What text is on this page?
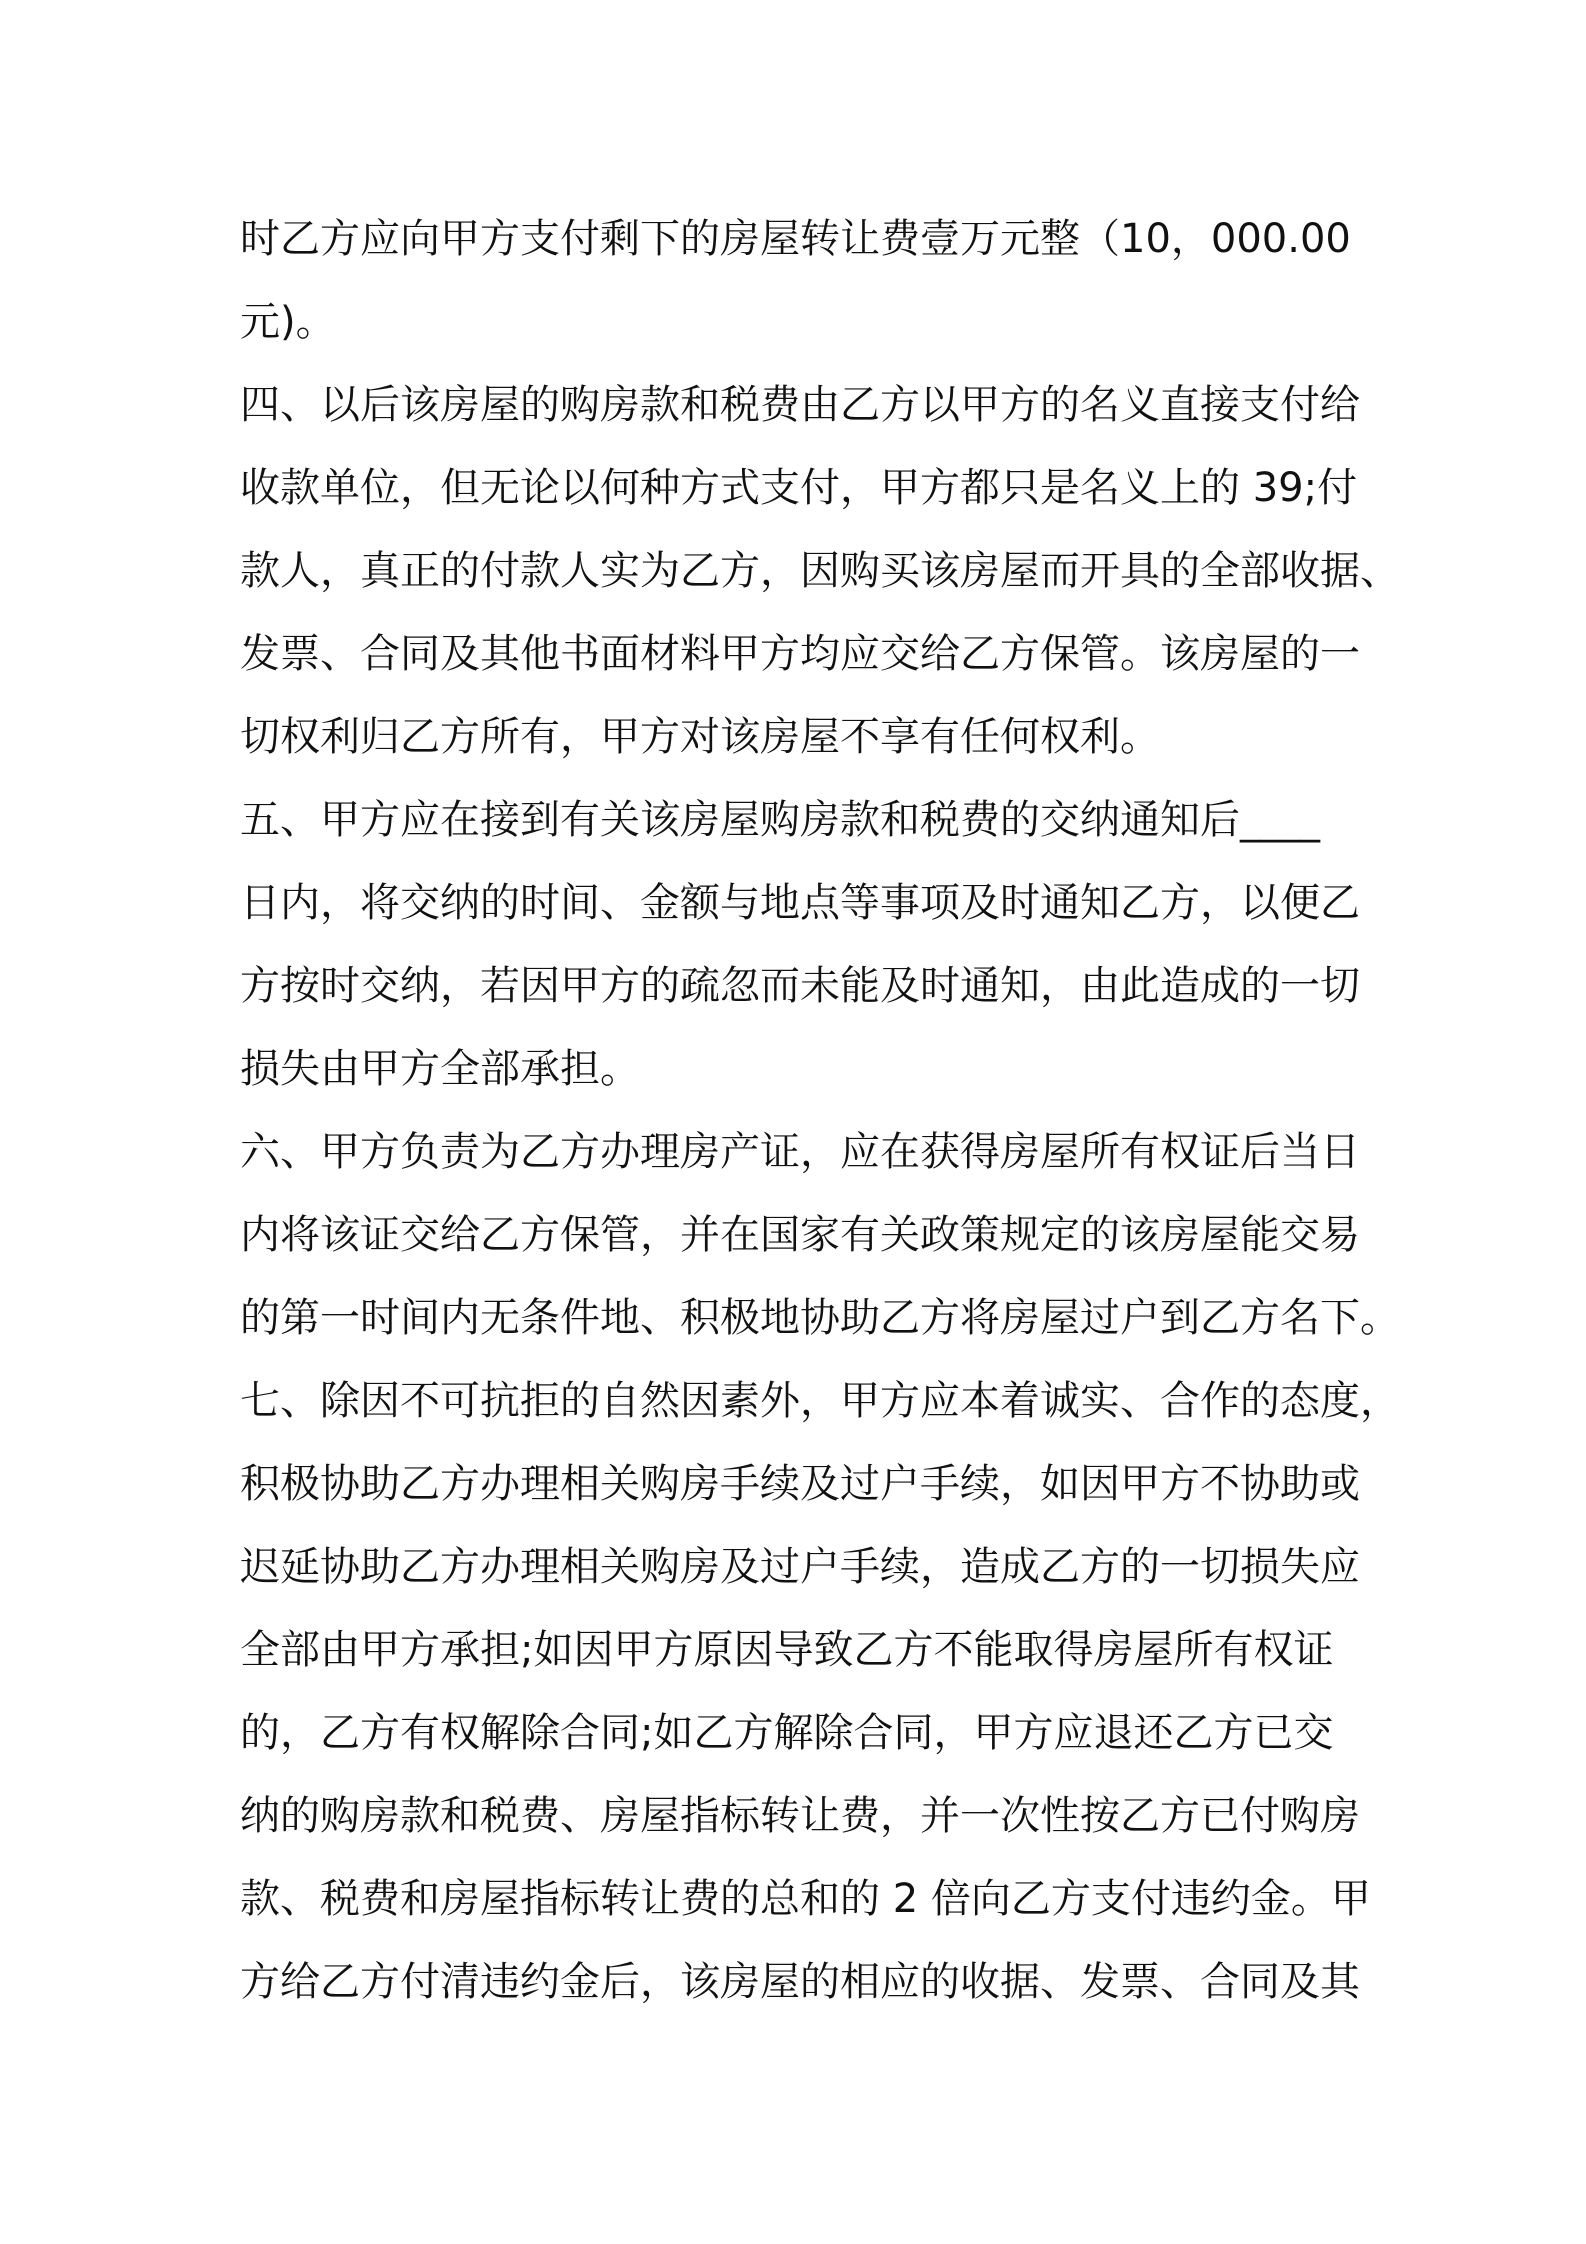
时乙方应向甲方支付剩下的房屋转让费壹万元整（10，000.00
元)。
四、以后该房屋的购房款和税费由乙方以甲方的名义直接支付给
收款单位，但无论以何种方式支付，甲方都只是名义上的 39;付
款人，真正的付款人实为乙方，因购买该房屋而开具的全部收据、
发票、合同及其他书面材料甲方均应交给乙方保管。该房屋的一
切权利归乙方所有，甲方对该房屋不享有任何权利。
五、甲方应在接到有关该房屋购房款和税费的交纳通知后____
日内，将交纳的时间、金额与地点等事项及时通知乙方，以便乙
方按时交纳，若因甲方的疏忽而未能及时通知，由此造成的一切
损失由甲方全部承担。
六、甲方负责为乙方办理房产证，应在获得房屋所有权证后当日
内将该证交给乙方保管，并在国家有关政策规定的该房屋能交易
的第一时间内无条件地、积极地协助乙方将房屋过户到乙方名下。
七、除因不可抗拒的自然因素外，甲方应本着诚实、合作的态度，
积极协助乙方办理相关购房手续及过户手续，如因甲方不协助或
迟延协助乙方办理相关购房及过户手续，造成乙方的一切损失应
全部由甲方承担;如因甲方原因导致乙方不能取得房屋所有权证
的，乙方有权解除合同;如乙方解除合同，甲方应退还乙方已交
纳的购房款和税费、房屋指标转让费，并一次性按乙方已付购房
款、税费和房屋指标转让费的总和的 2 倍向乙方支付违约金。甲
方给乙方付清违约金后，该房屋的相应的收据、发票、合同及其
